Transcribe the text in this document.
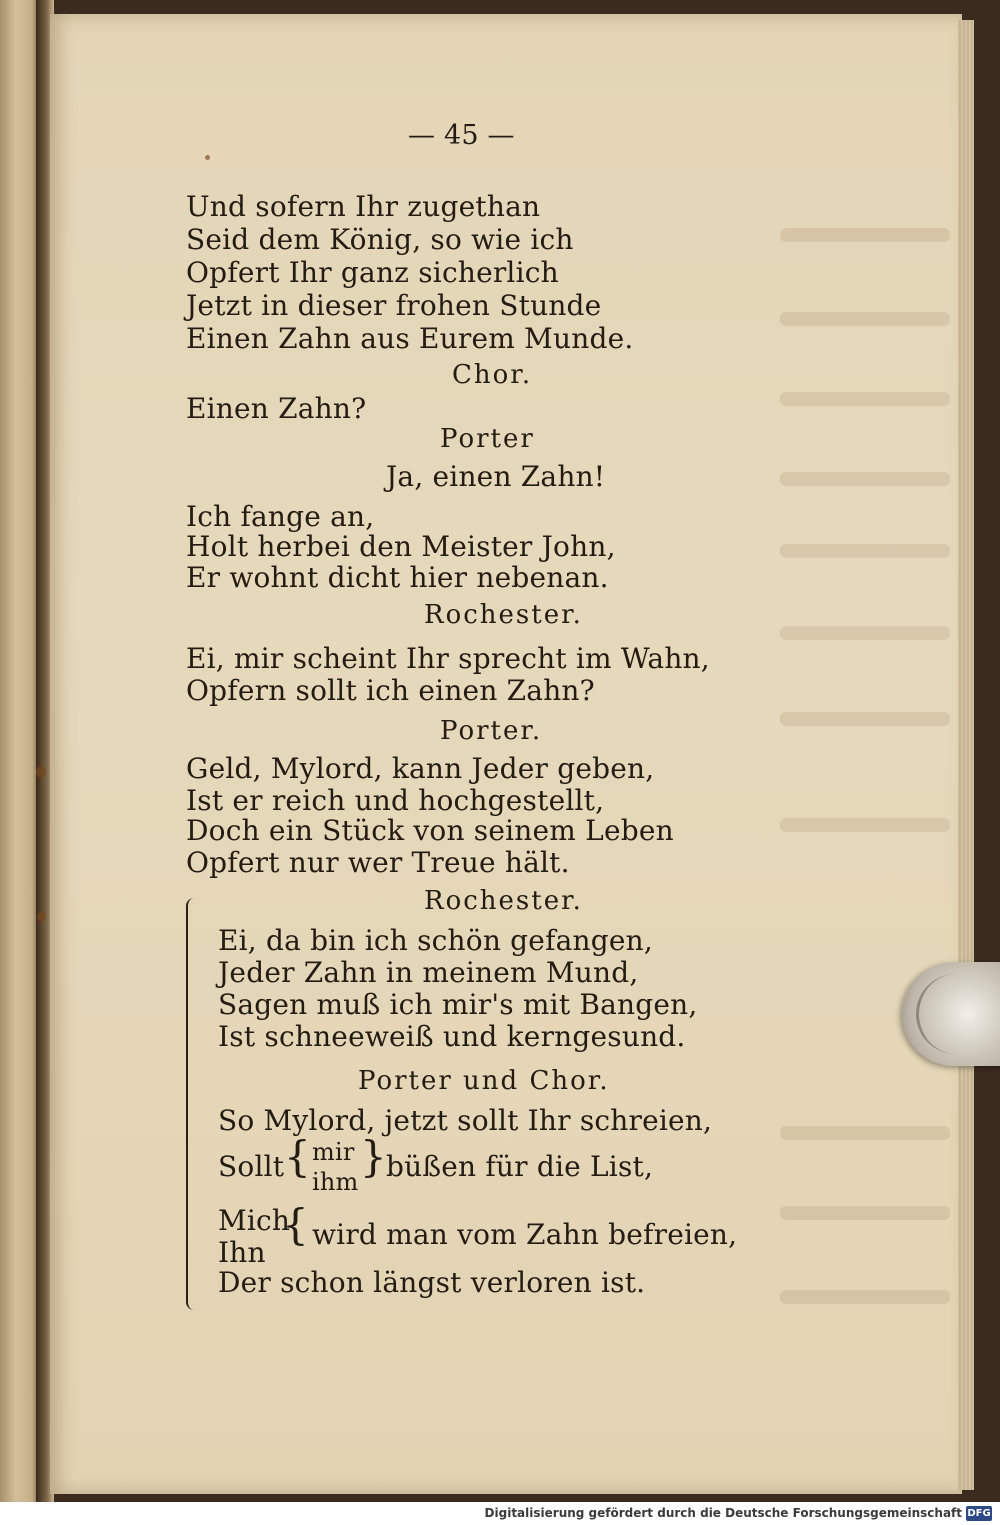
— 45 —
Und sofern Ihr zugethan
Seid dem König, so wie ich
Opfert Ihr ganz sicherlich
Jetzt in dieser frohen Stunde
Einen Zahn aus Eurem Munde.
Chor.
Einen Zahn?
Porter
Ja, einen Zahn!
Ich fange an,
Holt herbei den Meister John,
Er wohnt dicht hier nebenan.
Rochester.
Ei, mir scheint Ihr sprecht im Wahn,
Opfern sollt ich einen Zahn?
Porter.
Geld, Mylord, kann Jeder geben,
Ist er reich und hochgestellt,
Doch ein Stück von seinem Leben
Opfert nur wer Treue hält.
Rochester.
Ei, da bin ich schön gefangen,
Jeder Zahn in meinem Mund,
Sagen muß ich mir's mit Bangen,
Ist schneeweiß und kerngesund.
Porter und Chor.
So Mylord, jetzt sollt Ihr schreien,
Sollt { mir
ihm
} büßen für die List,
Mich
Ihn
{ wird man vom Zahn befreien,
Der schon längst verloren ist.
Digitalisierung gefördert durch die Deutsche Forschungsgemeinschaft DFG
